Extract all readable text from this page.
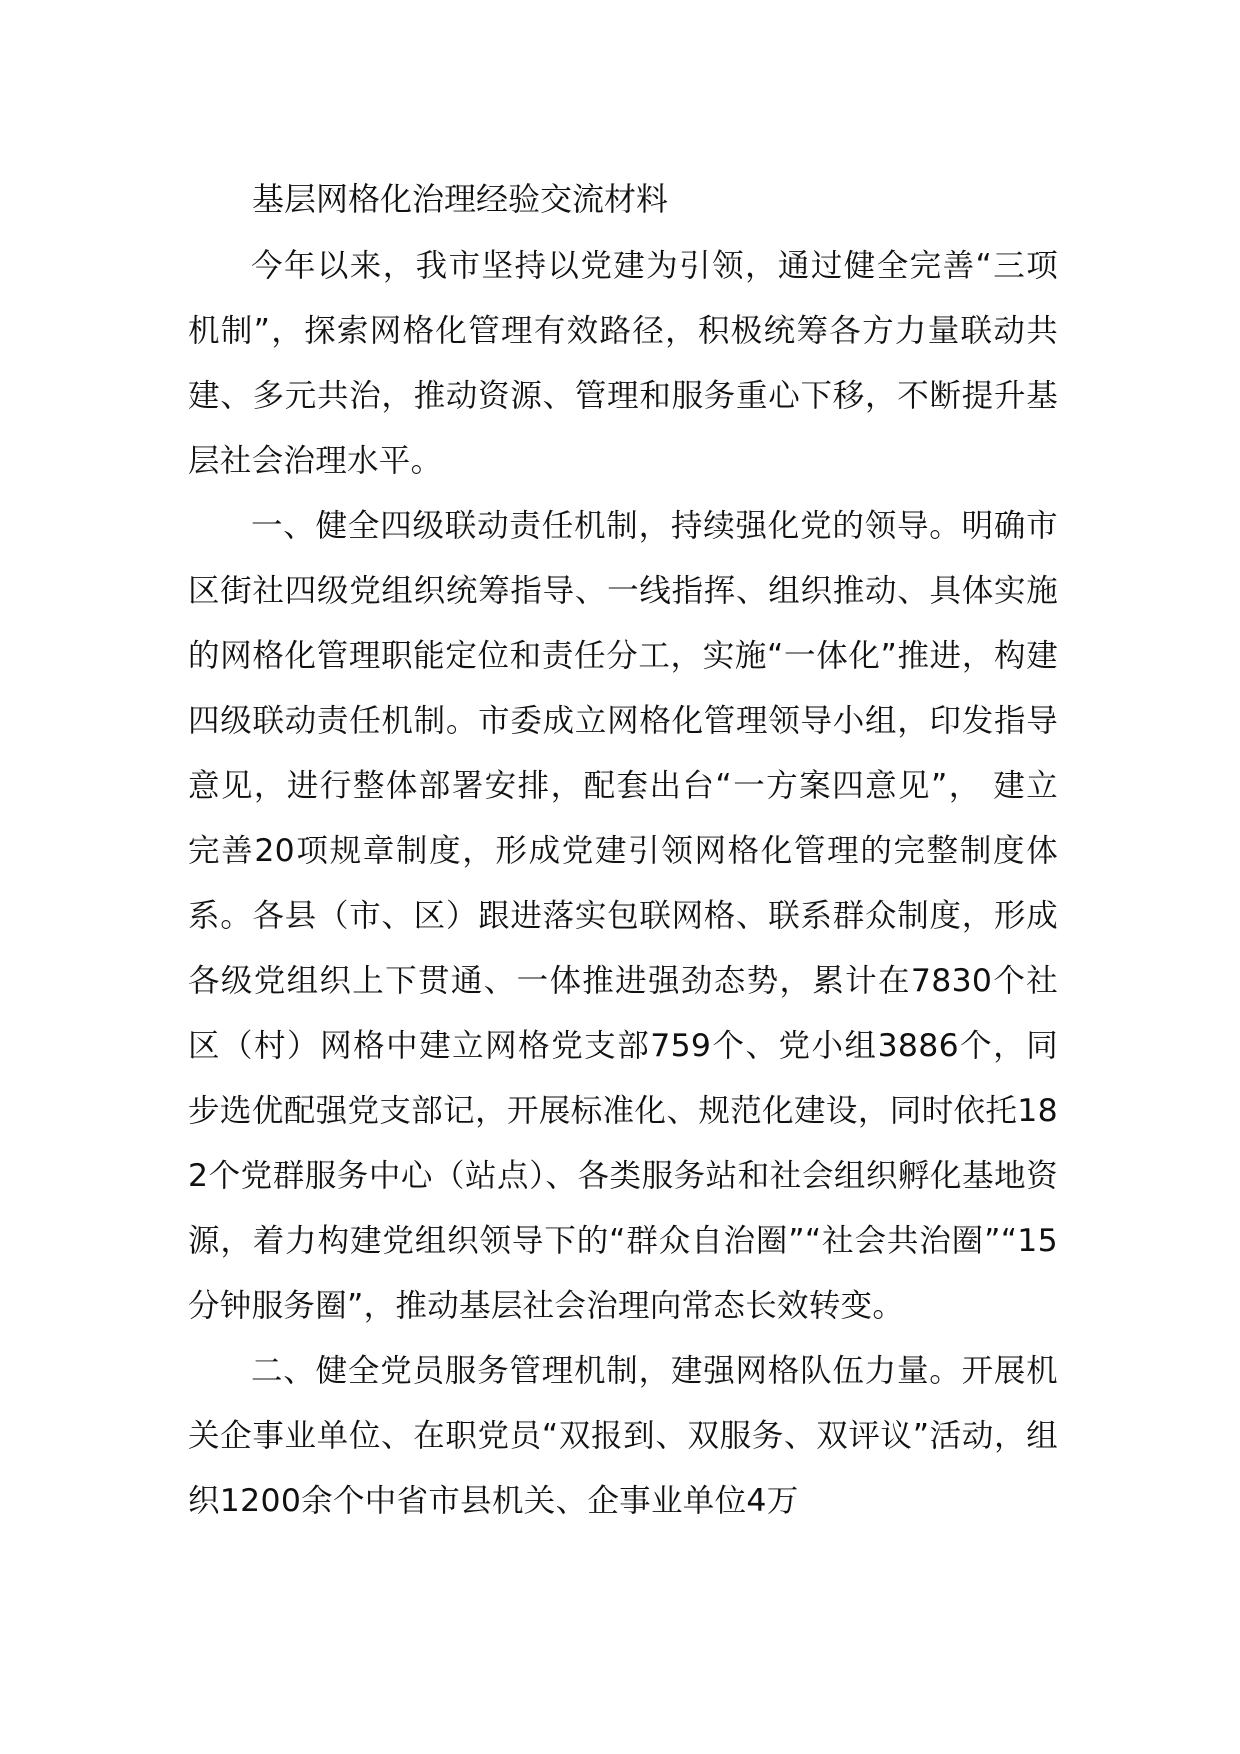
基层网格化治理经验交流材料

今年以来，我市坚持以党建为引领，通过健全完善“三项机制”，探索网格化管理有效路径，积极统筹各方力量联动共建、多元共治，推动资源、管理和服务重心下移，不断提升基层社会治理水平。

一、健全四级联动责任机制，持续强化党的领导。明确市区街社四级党组织统筹指导、一线指挥、组织推动、具体实施的网格化管理职能定位和责任分工，实施“一体化”推进，构建四级联动责任机制。市委成立网格化管理领导小组，印发指导意见，进行整体部署安排，配套出台“一方案四意见”， 建立完善20项规章制度，形成党建引领网格化管理的完整制度体系。各县（市、区）跟进落实包联网格、联系群众制度，形成各级党组织上下贯通、一体推进强劲态势，累计在7830个社区（村）网格中建立网格党支部759个、党小组3886个，同步选优配强党支部记，开展标准化、规范化建设，同时依托182个党群服务中心（站点）、各类服务站和社会组织孵化基地资源，着力构建党组织领导下的“群众自治圈”“社会共治圈”“15分钟服务圈”，推动基层社会治理向常态长效转变。

二、健全党员服务管理机制，建强网格队伍力量。开展机关企事业单位、在职党员“双报到、双服务、双评议”活动，组织1200余个中省市县机关、企事业单位4万
